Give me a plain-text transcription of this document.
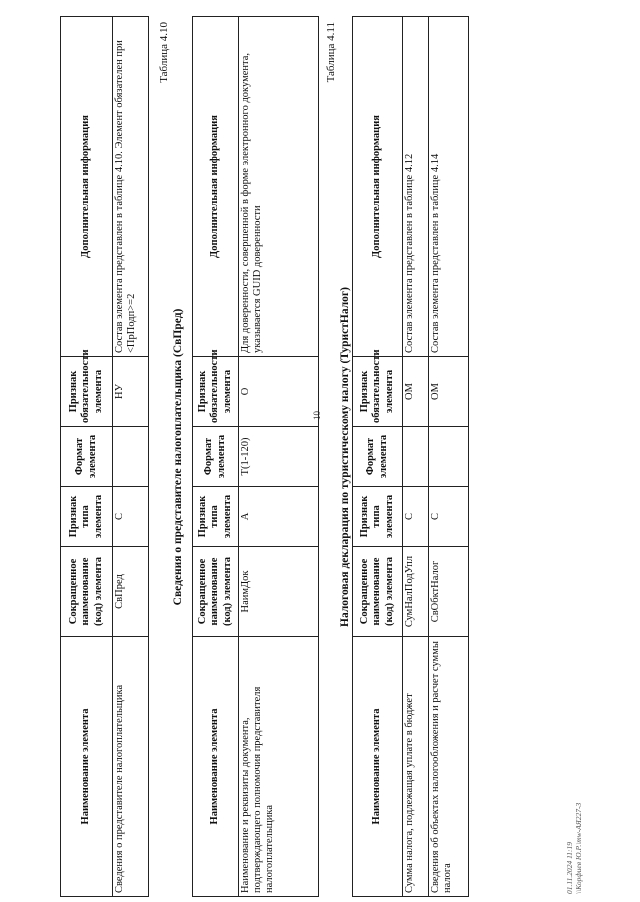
10
Наименование элемента	Сокращенное наименование (код) элемента	Признак типа элемента	Формат элемента	Признак обязательности элемента	Дополнительная информация
Сведения о представителе налогоплательщика	СвПред	С		НУ	Состав элемента представлен в таблице 4.10. Элемент обязателен при <ПрПодп>=2
Таблица 4.10
Сведения о представителе налогоплательщика (СвПред)
Наименование элемента	Сокращенное наименование (код) элемента	Признак типа элемента	Формат элемента	Признак обязательности элемента	Дополнительная информация
Наименование и реквизиты документа, подтверждающего полномочия представителя налогоплательщика	НаимДок	А	T(1-120)	О	Для доверенности, совершенной в форме электронного документа, указывается GUID доверенности
Таблица 4.11
Налоговая декларация по туристическому налогу (ТуристНалог)
Наименование элемента	Сокращенное наименование (код) элемента	Признак типа элемента	Формат элемента	Признак обязательности элемента	Дополнительная информация
Сумма налога, подлежащая уплате в бюджет	СумНалПодУпл	С		ОМ	Состав элемента представлен в таблице 4.12
Сведения об объектах налогообложения и расчет суммы налога	СвОбктНалог	С		ОМ	Состав элемента представлен в таблице 4.14
01.11.2024 11:19 \\Корфиев Ю.Р.\mw-АЯ227-3
